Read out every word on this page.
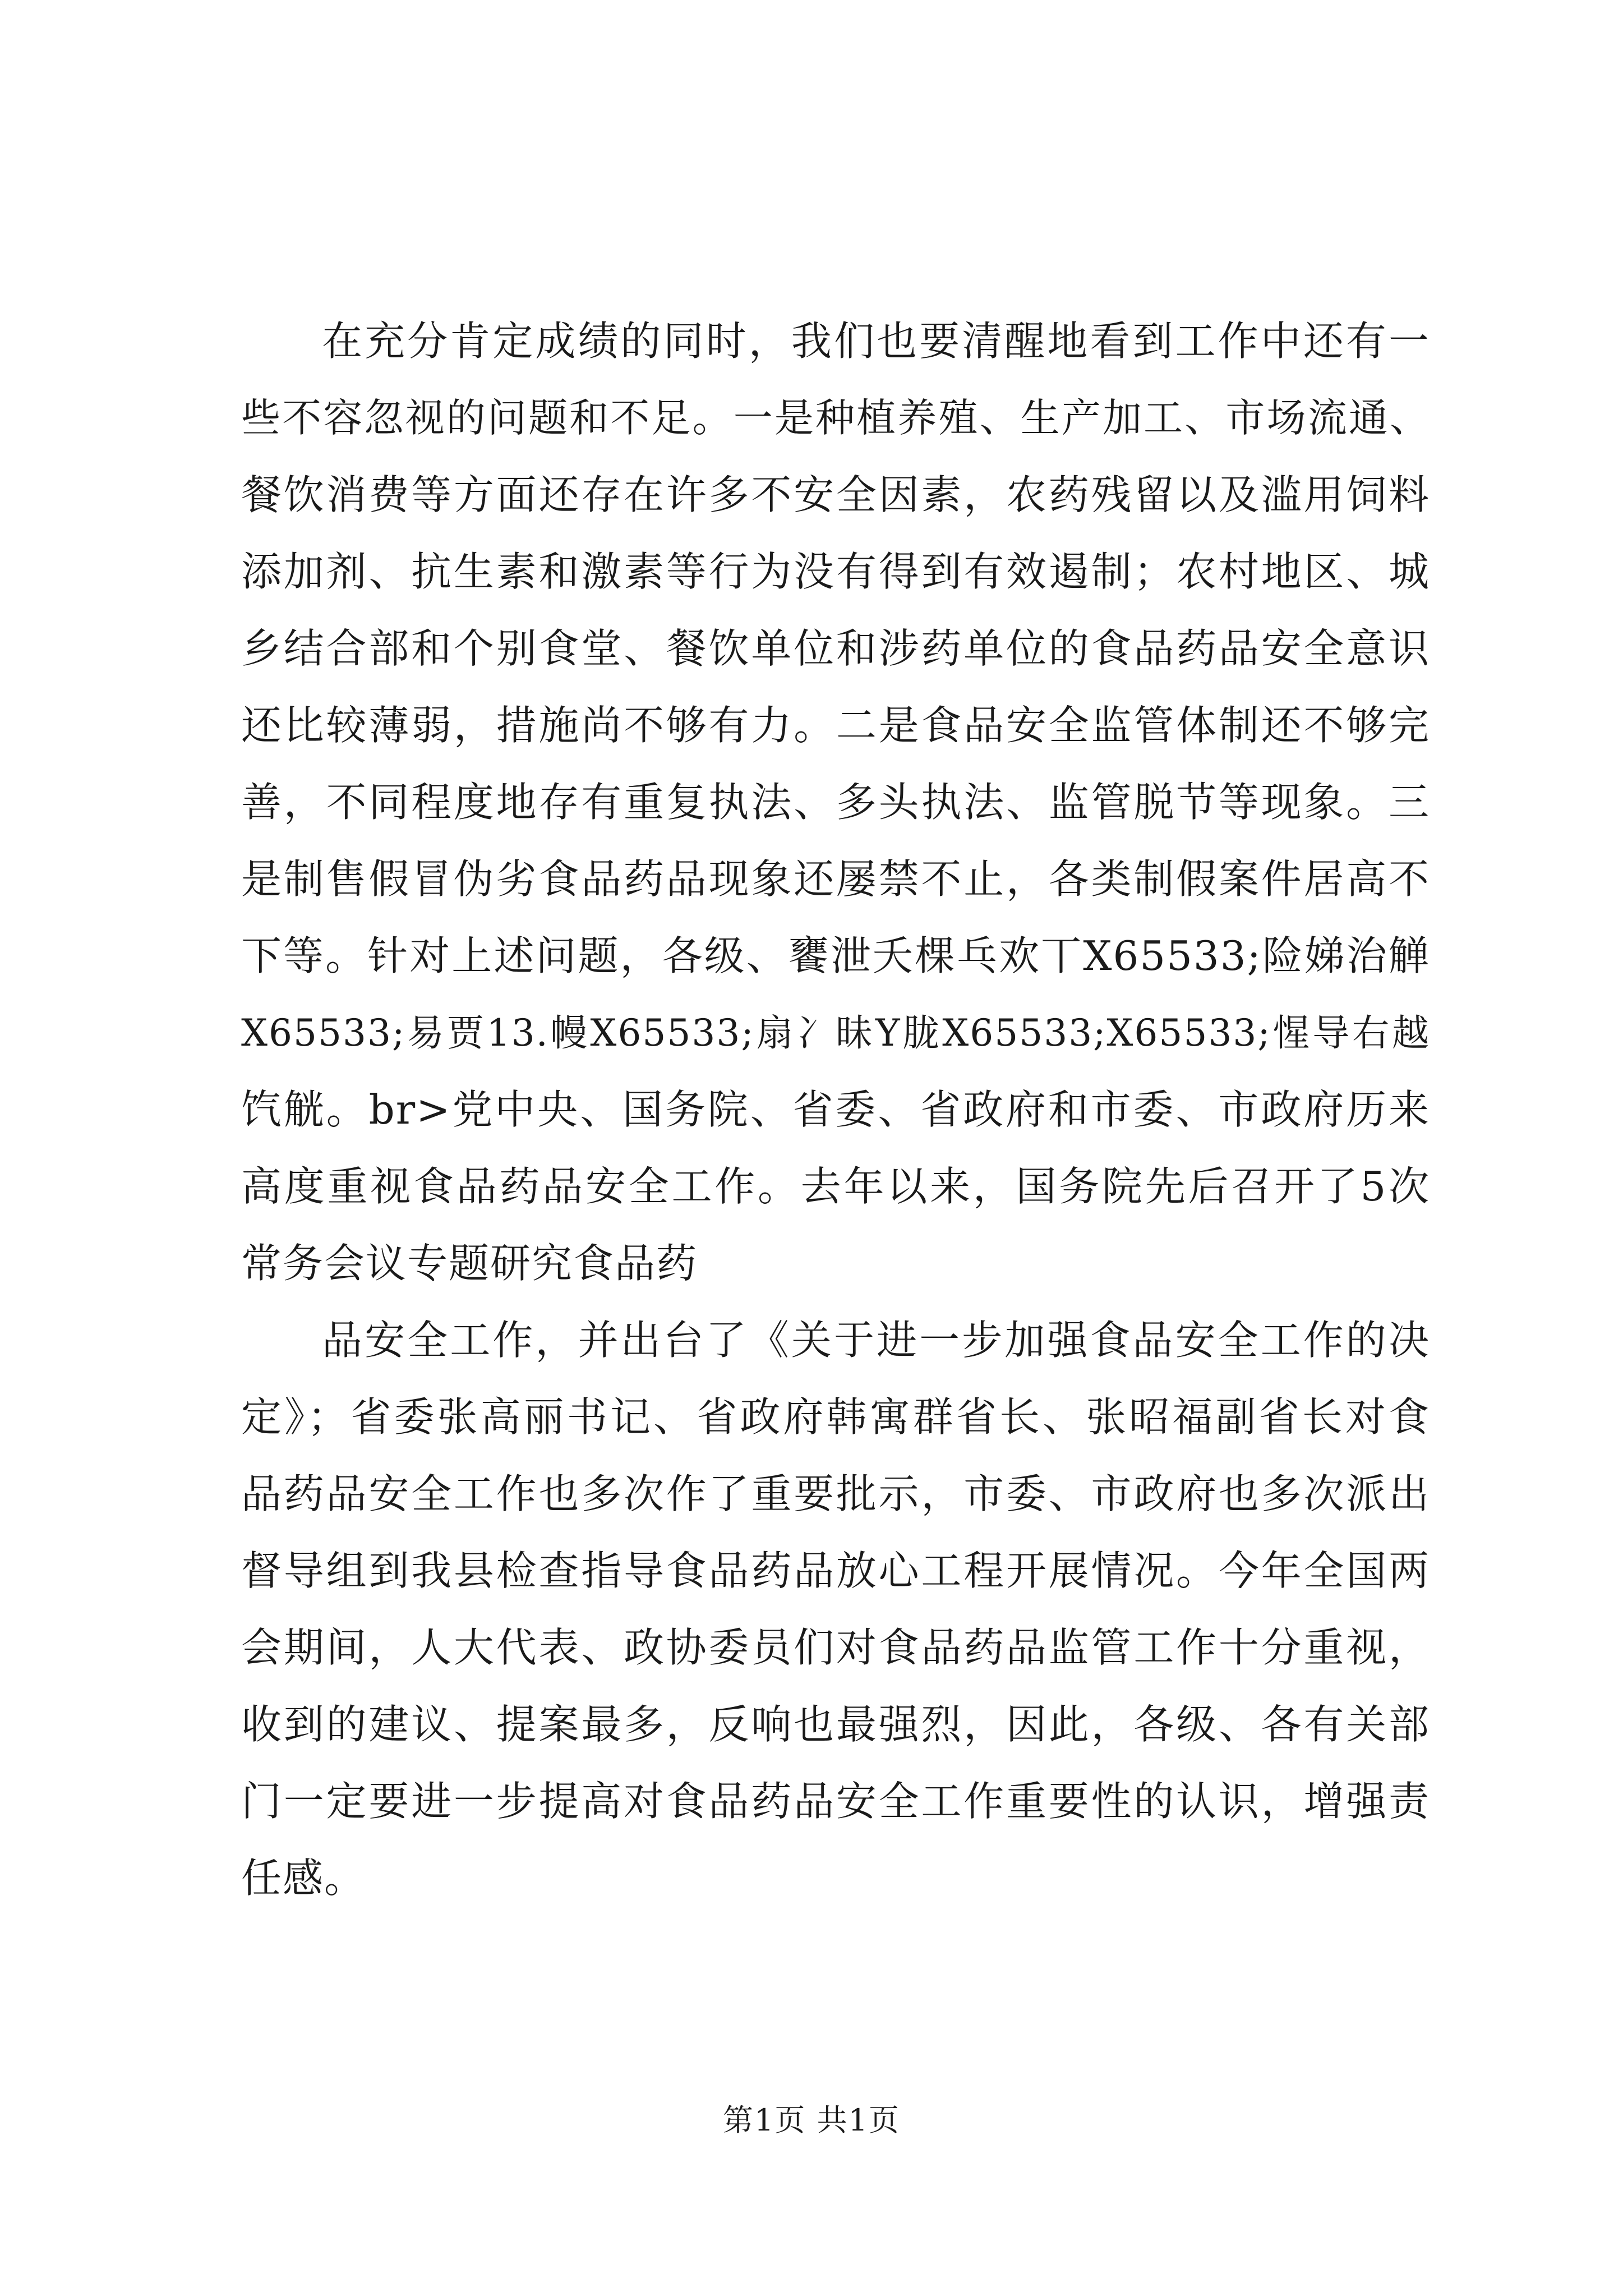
在充分肯定成绩的同时，我们也要清醒地看到工作中还有一
些不容忽视的问题和不足。一是种植养殖、生产加工、市场流通、
餐饮消费等方面还存在许多不安全因素，农药残留以及滥用饲料
添加剂、抗生素和激素等行为没有得到有效遏制；农村地区、城
乡结合部和个别食堂、餐饮单位和涉药单位的食品药品安全意识
还比较薄弱，措施尚不够有力。二是食品安全监管体制还不够完
善，不同程度地存有重复执法、多头执法、监管脱节等现象。三
是制售假冒伪劣食品药品现象还屡禁不止，各类制假案件居高不
下等。针对上述问题，各级、饔泄夭棵乓欢丅X65533;险娣治觯
X65533;易贾13.幔X65533;扇冫昧Y胧X65533;X65533;惺导右越
饩觥。br>党中央、国务院、省委、省政府和市委、市政府历来
高度重视食品药品安全工作。去年以来，国务院先后召开了5次
常务会议专题研究食品药
品安全工作，并出台了《关于进一步加强食品安全工作的决
定》；省委张高丽书记、省政府韩寓群省长、张昭福副省长对食
品药品安全工作也多次作了重要批示，市委、市政府也多次派出
督导组到我县检查指导食品药品放心工程开展情况。今年全国两
会期间，人大代表、政协委员们对食品药品监管工作十分重视，
收到的建议、提案最多，反响也最强烈，因此，各级、各有关部
门一定要进一步提高对食品药品安全工作重要性的认识，增强责
任感。
第1页 共1页
